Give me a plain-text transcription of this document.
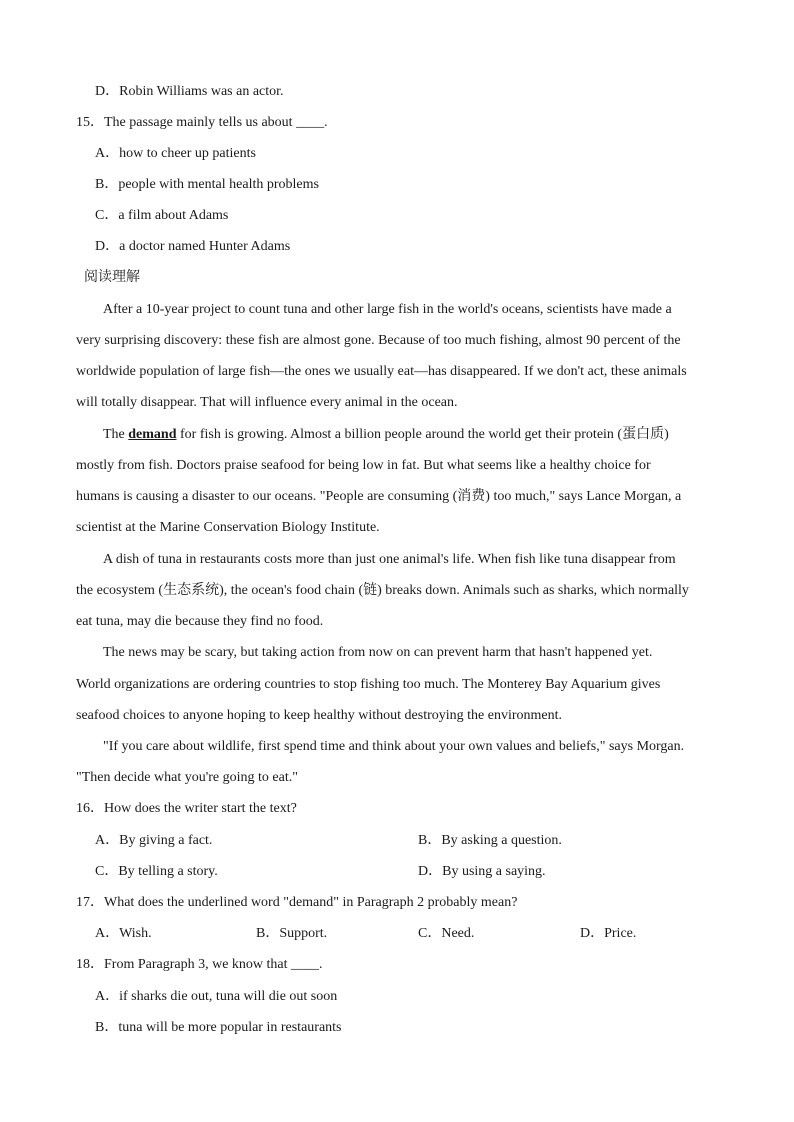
D．Robin Williams was an actor.
15．The passage mainly tells us about ____.
A．how to cheer up patients
B．people with mental health problems
C．a film about Adams
D．a doctor named Hunter Adams
阅读理解
After a 10-year project to count tuna and other large fish in the world's oceans, scientists have made a
very surprising discovery: these fish are almost gone. Because of too much fishing, almost 90 percent of the
worldwide population of large fish—the ones we usually eat—has disappeared. If we don't act, these animals
will totally disappear. That will influence every animal in the ocean.
The demand for fish is growing. Almost a billion people around the world get their protein (蛋白质)
mostly from fish. Doctors praise seafood for being low in fat. But what seems like a healthy choice for
humans is causing a disaster to our oceans. "People are consuming (消费) too much," says Lance Morgan, a
scientist at the Marine Conservation Biology Institute.
A dish of tuna in restaurants costs more than just one animal's life. When fish like tuna disappear from
the ecosystem (生态系统), the ocean's food chain (链) breaks down. Animals such as sharks, which normally
eat tuna, may die because they find no food.
The news may be scary, but taking action from now on can prevent harm that hasn't happened yet.
World organizations are ordering countries to stop fishing too much. The Monterey Bay Aquarium gives
seafood choices to anyone hoping to keep healthy without destroying the environment.
"If you care about wildlife, first spend time and think about your own values and beliefs," says Morgan.
"Then decide what you're going to eat."
16．How does the writer start the text?
A．By giving a fact.	B．By asking a question.
C．By telling a story.	D．By using a saying.
17．What does the underlined word "demand" in Paragraph 2 probably mean?
A．Wish.	B．Support.	C．Need.	D．Price.
18．From Paragraph 3, we know that ____.
A．if sharks die out, tuna will die out soon
B．tuna will be more popular in restaurants
